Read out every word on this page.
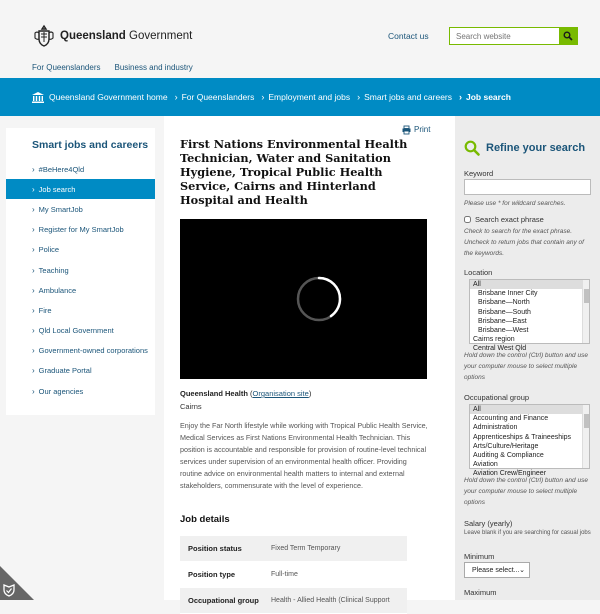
Queensland Government	Contact us
Search website
For Queenslanders Business and industry
Queensland Government home › For Queenslanders › Employment and jobs › Smart jobs and careers › Job search
Smart jobs and careers
› #BeHere4Qld
› Job search
› My SmartJob
› Register for My SmartJob
› Police
› Teaching
› Ambulance
› Fire
› Qld Local Government
› Government-owned corporations
› Graduate Portal
› Our agencies
Print
First Nations Environmental Health Technician, Water and Sanitation Hygiene, Tropical Public Health Service, Cairns and Hinterland Hospital and Health
Queensland Health (Organisation site)
Cairns

Enjoy the Far North lifestyle while working with Tropical Public Health Service, Medical Services as First Nations Environmental Health Technician. This position is accountable and responsible for provision of routine-level technical services under supervision of an environmental health officer. Providing routine advice on environmental health matters to internal and external stakeholders, commensurate with the level of experience.

Job details
Position status	Fixed Term Temporary
Position type	Full-time
Occupational group	Health - Allied Health (Clinical Support
Refine your search
Keyword

Please use * for wildcard searches.

Search exact phrase

Check to search for the exact phrase. Uncheck to return jobs that contain any of the keywords.

Location
All
Brisbane Inner City
Brisbane—North
Brisbane—South
Brisbane—East
Brisbane—West
Cairns region
Central West Qld

Hold down the control (Ctrl) button and use your computer mouse to select multiple options

Occupational group
All
Accounting and Finance
Administration
Apprenticeships & Traineeships
Arts/Culture/Heritage
Auditing & Compliance
Aviation
Aviation Crew/Engineer

Hold down the control (Ctrl) button and use your computer mouse to select multiple options

Salary (yearly)

Leave blank if you are searching for casual jobs

Minimum
Please select... ⌄
Maximum
